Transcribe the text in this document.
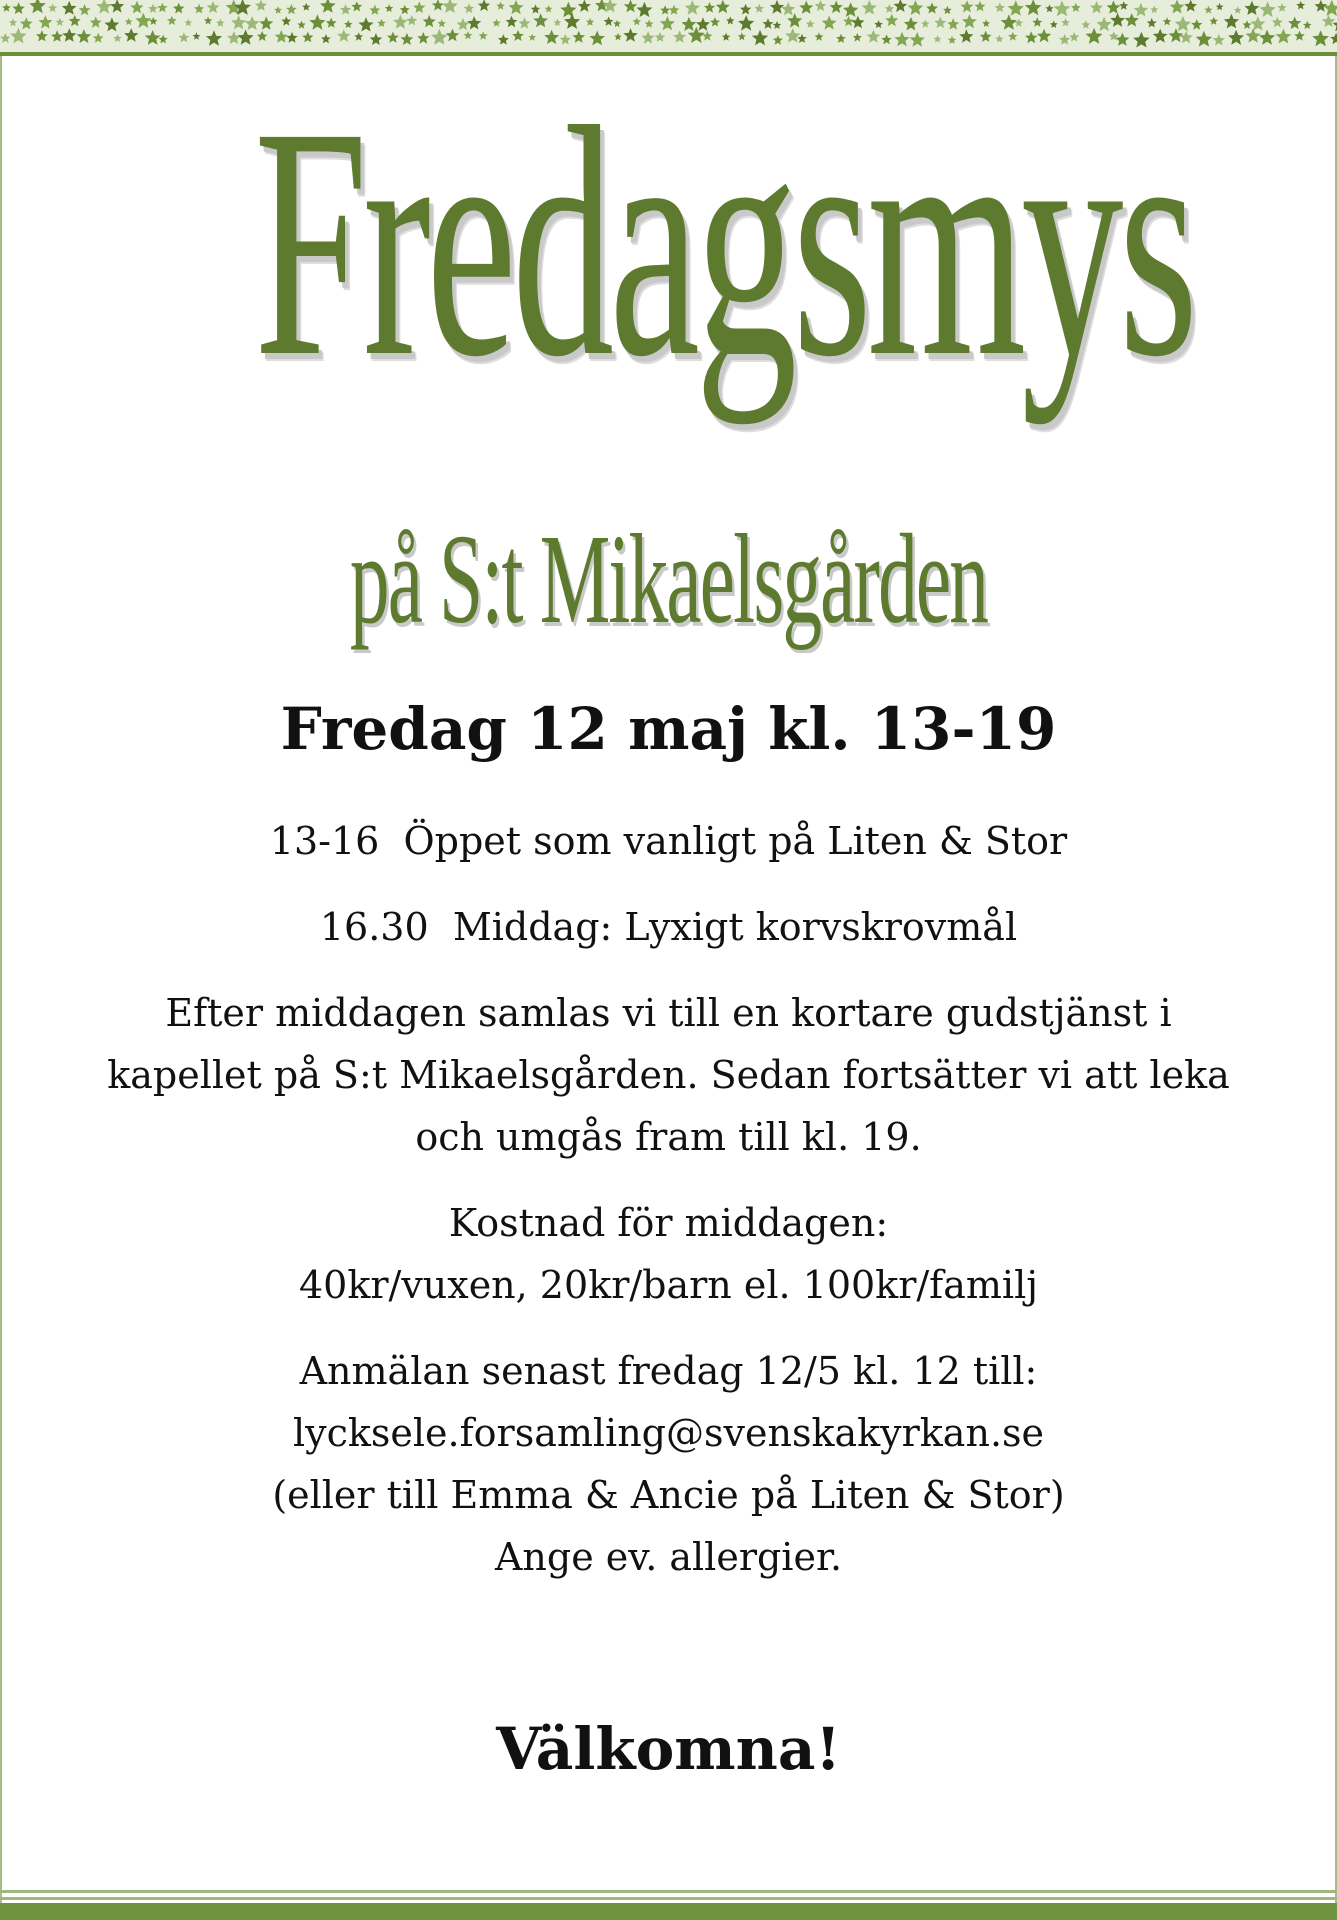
Fredagsmys
på S:t Mikaelsgården
Fredag 12 maj kl. 13-19

13-16 Öppet som vanligt på Liten & Stor

16.30 Middag: Lyxigt korvskrovmål

Efter middagen samlas vi till en kortare gudstjänst i
kapellet på S:t Mikaelsgården. Sedan fortsätter vi att leka
och umgås fram till kl. 19.

Kostnad för middagen:
40kr/vuxen, 20kr/barn el. 100kr/familj

Anmälan senast fredag 12/5 kl. 12 till:
lycksele.forsamling@svenskakyrkan.se
(eller till Emma & Ancie på Liten & Stor)
Ange ev. allergier.

Välkomna!
